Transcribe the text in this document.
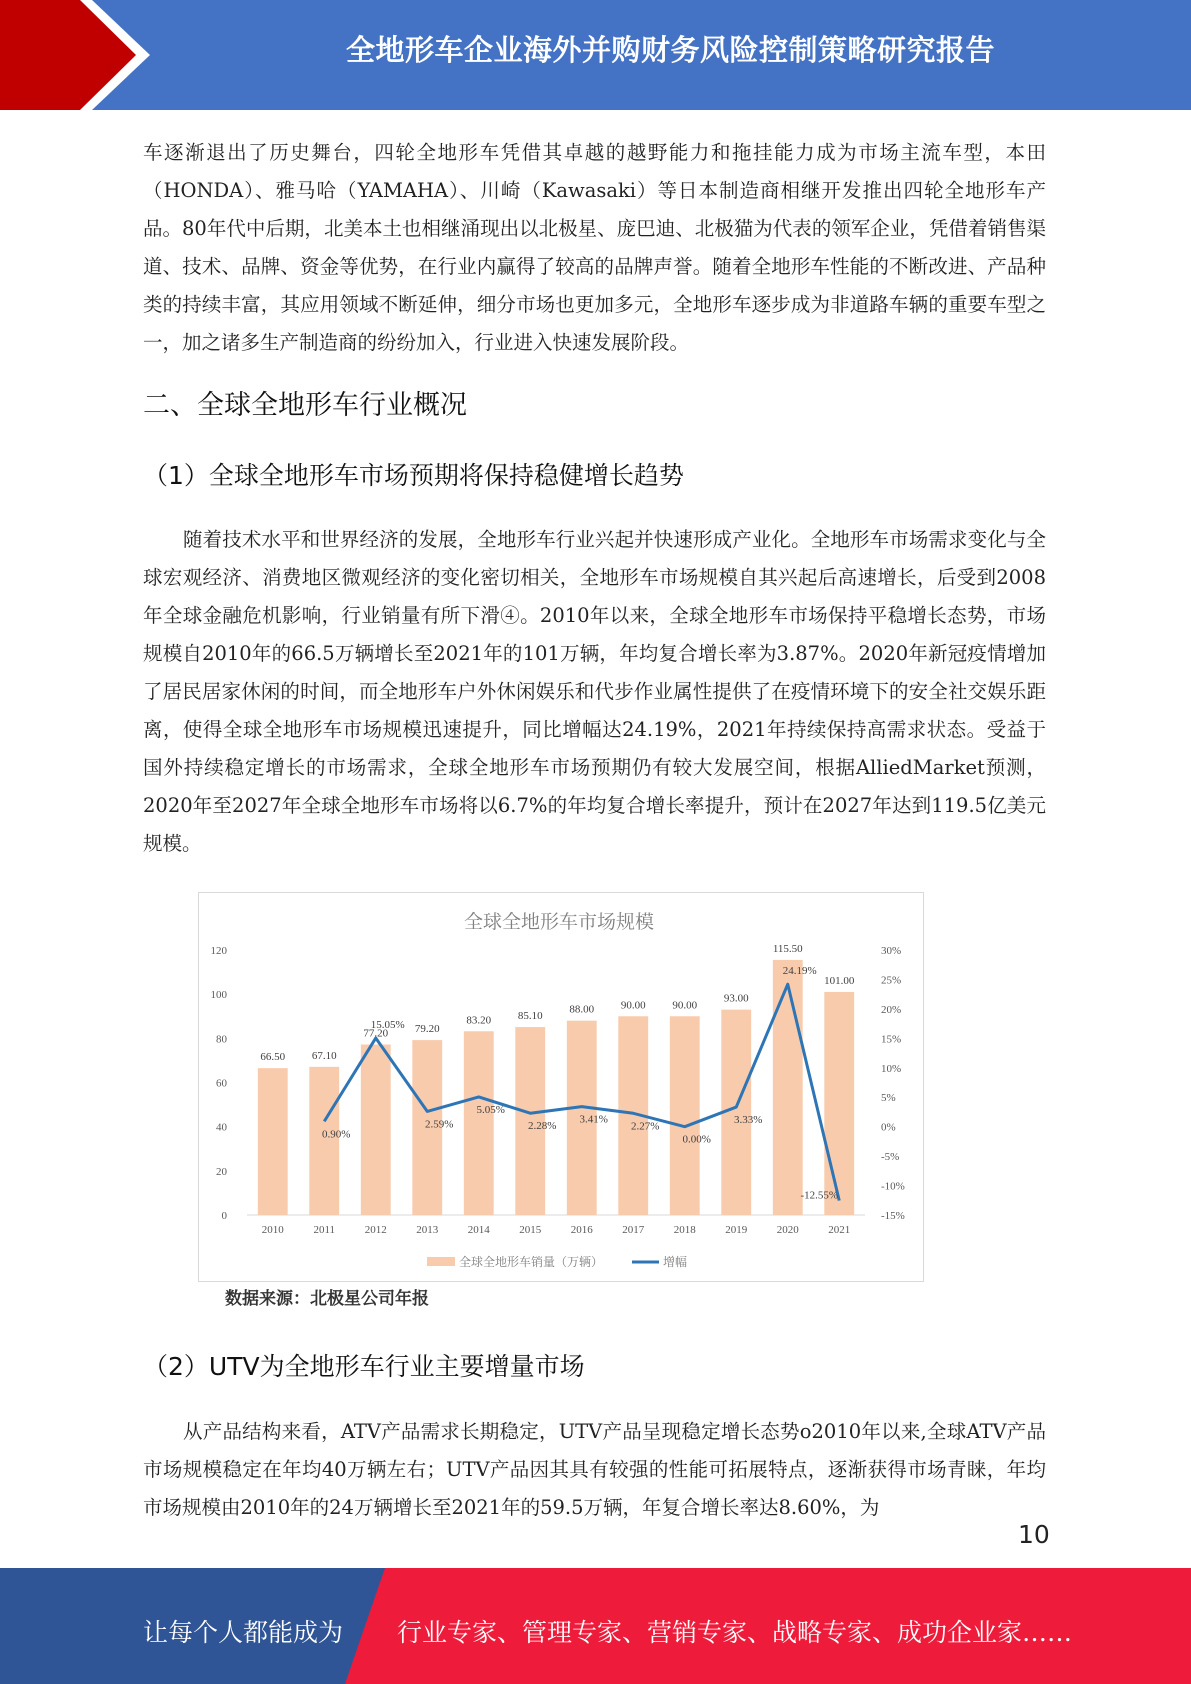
全地形车企业海外并购财务风险控制策略研究报告

车逐渐退出了历史舞台，四轮全地形车凭借其卓越的越野能力和拖挂能力成为市场主流车型，本田（HONDA）、雅马哈（YAMAHA）、川崎（Kawasaki）等日本制造商相继开发推出四轮全地形车产品。80年代中后期，北美本土也相继涌现出以北极星、庞巴迪、北极猫为代表的领军企业，凭借着销售渠道、技术、品牌、资金等优势，在行业内赢得了较高的品牌声誉。随着全地形车性能的不断改进、产品种类的持续丰富，其应用领域不断延伸，细分市场也更加多元，全地形车逐步成为非道路车辆的重要车型之一，加之诸多生产制造商的纷纷加入，行业进入快速发展阶段。

二、全球全地形车行业概况
（1）全球全地形车市场预期将保持稳健增长趋势

随着技术水平和世界经济的发展，全地形车行业兴起并快速形成产业化。全地形车市场需求变化与全球宏观经济、消费地区微观经济的变化密切相关，全地形车市场规模自其兴起后高速增长，后受到2008年全球金融危机影响，行业销量有所下滑④。2010年以来，全球全地形车市场保持平稳增长态势，市场规模自2010年的66.5万辆增长至2021年的101万辆，年均复合增长率为3.87%。2020年新冠疫情增加了居民居家休闲的时间，而全地形车户外休闲娱乐和代步作业属性提供了在疫情环境下的安全社交娱乐距离，使得全球全地形车市场规模迅速提升，同比增幅达24.19%，2021年持续保持高需求状态。受益于国外持续稳定增长的市场需求，全球全地形车市场预期仍有较大发展空间，根据AlliedMarket预测，2020年至2027年全球全地形车市场将以6.7%的年均复合增长率提升，预计在2027年达到119.5亿美元规模。

全球全地形车市场规模
0
20
40
60
80
100
120
-15%
-10%
-5%
0%
5%
10%
15%
20%
25%
30%
66.50
2010
67.10
2011
77.20
2012
79.20
2013
83.20
2014
85.10
2015
88.00
2016
90.00
2017
90.00
2018
93.00
2019
115.50
2020
101.00
2021
0.90%
15.05%
2.59%
5.05%
2.28%
3.41%
2.27%
0.00%
3.33%
24.19%
-12.55%
全球全地形车销量（万辆）	增幅
数据来源：北极星公司年报
（2）UTV为全地形车行业主要增量市场

从产品结构来看，ATV产品需求长期稳定，UTV产品呈现稳定增长态势o2010年以来,全球ATV产品市场规模稳定在年均40万辆左右；UTV产品因其具有较强的性能可拓展特点，逐渐获得市场青睐，年均市场规模由2010年的24万辆增长至2021年的59.5万辆，年复合增长率达8.60%，为

10
让每个人都能成为 行业专家、管理专家、营销专家、战略专家、成功企业家……
